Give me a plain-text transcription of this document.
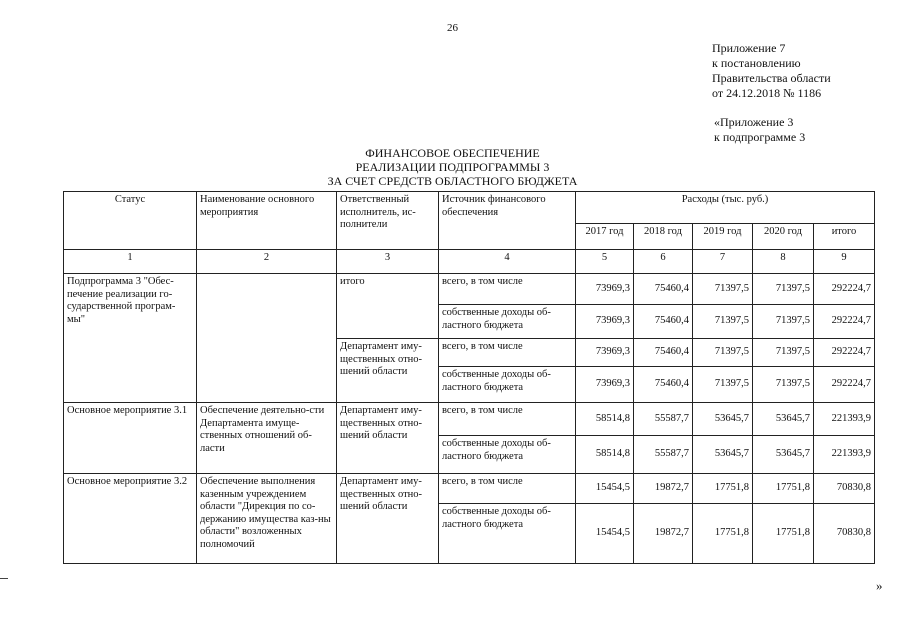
26
Приложение 7
к постановлению
Правительства области
от 24.12.2018 № 1186
«Приложение 3
к подпрограмме 3
ФИНАНСОВОЕ ОБЕСПЕЧЕНИЕ
РЕАЛИЗАЦИИ ПОДПРОГРАММЫ 3
ЗА СЧЕТ СРЕДСТВ ОБЛАСТНОГО БЮДЖЕТА
Статус	Наименование основного мероприятия	Ответственный исполнитель, ис-полнители	Источник финансового обеспечения	Расходы (тыс. руб.)				
				2017 год	2018 год	2019 год	2020 год	итого
1	2	3	4	5	6	7	8	9
Подпрограмма 3 "Обес-печение реализации го-сударственной програм-мы"		итого	всего, в том числе	73969,3	75460,4	71397,5	71397,5	292224,7
			собственные доходы об-ластного бюджета	73969,3	75460,4	71397,5	71397,5	292224,7
		Департамент иму-щественных отно-шений области	всего, в том числе	73969,3	75460,4	71397,5	71397,5	292224,7
			собственные доходы об-ластного бюджета	73969,3	75460,4	71397,5	71397,5	292224,7
Основное мероприятие 3.1	Обеспечение деятельно-сти Департамента имуще-ственных отношений об-ласти	Департамент иму-щественных отно-шений области	всего, в том числе	58514,8	55587,7	53645,7	53645,7	221393,9
			собственные доходы об-ластного бюджета	58514,8	55587,7	53645,7	53645,7	221393,9
Основное мероприятие 3.2	Обеспечение выполнения казенным учреждением области "Дирекция по со-держанию имущества каз-ны области" возложенных полномочий	Департамент иму-щественных отно-шений области	всего, в том числе	15454,5	19872,7	17751,8	17751,8	70830,8
			собственные доходы об-ластного бюджета	15454,5	19872,7	17751,8	17751,8	70830,8
»
